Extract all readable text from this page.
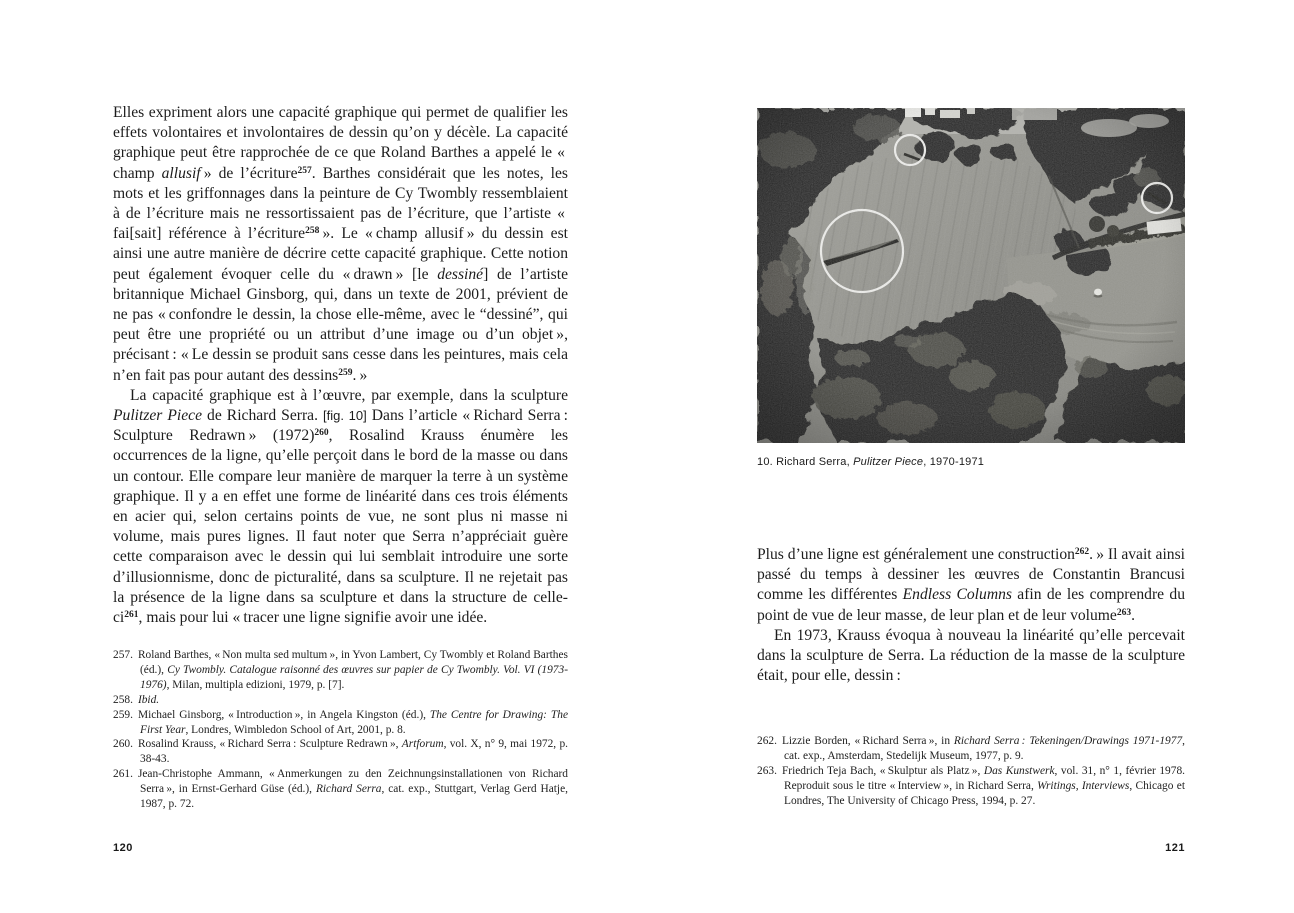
Elles expriment alors une capacité graphique qui permet de qualifier les effets volontaires et involontaires de dessin qu’on y décèle. La capacité graphique peut être rapprochée de ce que Roland Barthes a appelé le « champ allusif » de l’écriture$^{257}$. Barthes considérait que les notes, les mots et les griffonnages dans la peinture de Cy Twombly ressemblaient à de l’écriture mais ne ressortissaient pas de l’écriture, que l’artiste « fai[sait] référence à l’écriture$^{258}$ ». Le « champ allusif » du dessin est ainsi une autre manière de décrire cette capacité graphique. Cette notion peut également évoquer celle du « drawn » [le dessiné] de l’artiste britannique Michael Ginsborg, qui, dans un texte de 2001, prévient de ne pas « confondre le dessin, la chose elle-même, avec le “dessiné”, qui peut être une propriété ou un attribut d’une image ou d’un objet », précisant : « Le dessin se produit sans cesse dans les peintures, mais cela n’en fait pas pour autant des dessins$^{259}$. »

La capacité graphique est à l’œuvre, par exemple, dans la sculpture Pulitzer Piece de Richard Serra. [fig. 10] Dans l’article « Richard Serra : Sculpture Redrawn » (1972)$^{260}$, Rosalind Krauss énumère les occurrences de la ligne, qu’elle perçoit dans le bord de la masse ou dans un contour. Elle compare leur manière de marquer la terre à un système graphique. Il y a en effet une forme de linéarité dans ces trois éléments en acier qui, selon certains points de vue, ne sont plus ni masse ni volume, mais pures lignes. Il faut noter que Serra n’appréciait guère cette comparaison avec le dessin qui lui semblait introduire une sorte d’illusionnisme, donc de picturalité, dans sa sculpture. Il ne rejetait pas la présence de la ligne dans sa sculpture et dans la structure de celle-ci$^{261}$, mais pour lui « tracer une ligne signifie avoir une idée.

257. Roland Barthes, « Non multa sed multum », in Yvon Lambert, Cy Twombly et Roland Barthes (éd.), Cy Twombly. Catalogue raisonné des œuvres sur papier de Cy Twombly. Vol. VI (1973-1976), Milan, multipla edizioni, 1979, p. [7].
258. Ibid.
259. Michael Ginsborg, « Introduction », in Angela Kingston (éd.), The Centre for Drawing: The First Year, Londres, Wimbledon School of Art, 2001, p. 8.
260. Rosalind Krauss, « Richard Serra : Sculpture Redrawn », Artforum, vol. X, n° 9, mai 1972, p. 38-43.
261. Jean-Christophe Ammann, « Anmerkungen zu den Zeichnungsinstallationen von Richard Serra », in Ernst-Gerhard Güse (éd.), Richard Serra, cat. exp., Stuttgart, Verlag Gerd Hatje, 1987, p. 72.
120
10. Richard Serra, Pulitzer Piece, 1970-1971

Plus d’une ligne est généralement une construction$^{262}$. » Il avait ainsi passé du temps à dessiner les œuvres de Constantin Brancusi comme les différentes Endless Columns afin de les comprendre du point de vue de leur masse, de leur plan et de leur volume$^{263}$.

En 1973, Krauss évoqua à nouveau la linéarité qu’elle percevait dans la sculpture de Serra. La réduction de la masse de la sculpture était, pour elle, dessin :

262. Lizzie Borden, « Richard Serra », in Richard Serra : Tekeningen/Drawings 1971-1977, cat. exp., Amsterdam, Stedelijk Museum, 1977, p. 9.
263. Friedrich Teja Bach, « Skulptur als Platz », Das Kunstwerk, vol. 31, n° 1, février 1978. Reproduit sous le titre « Interview », in Richard Serra, Writings, Interviews, Chicago et Londres, The University of Chicago Press, 1994, p. 27.
121
